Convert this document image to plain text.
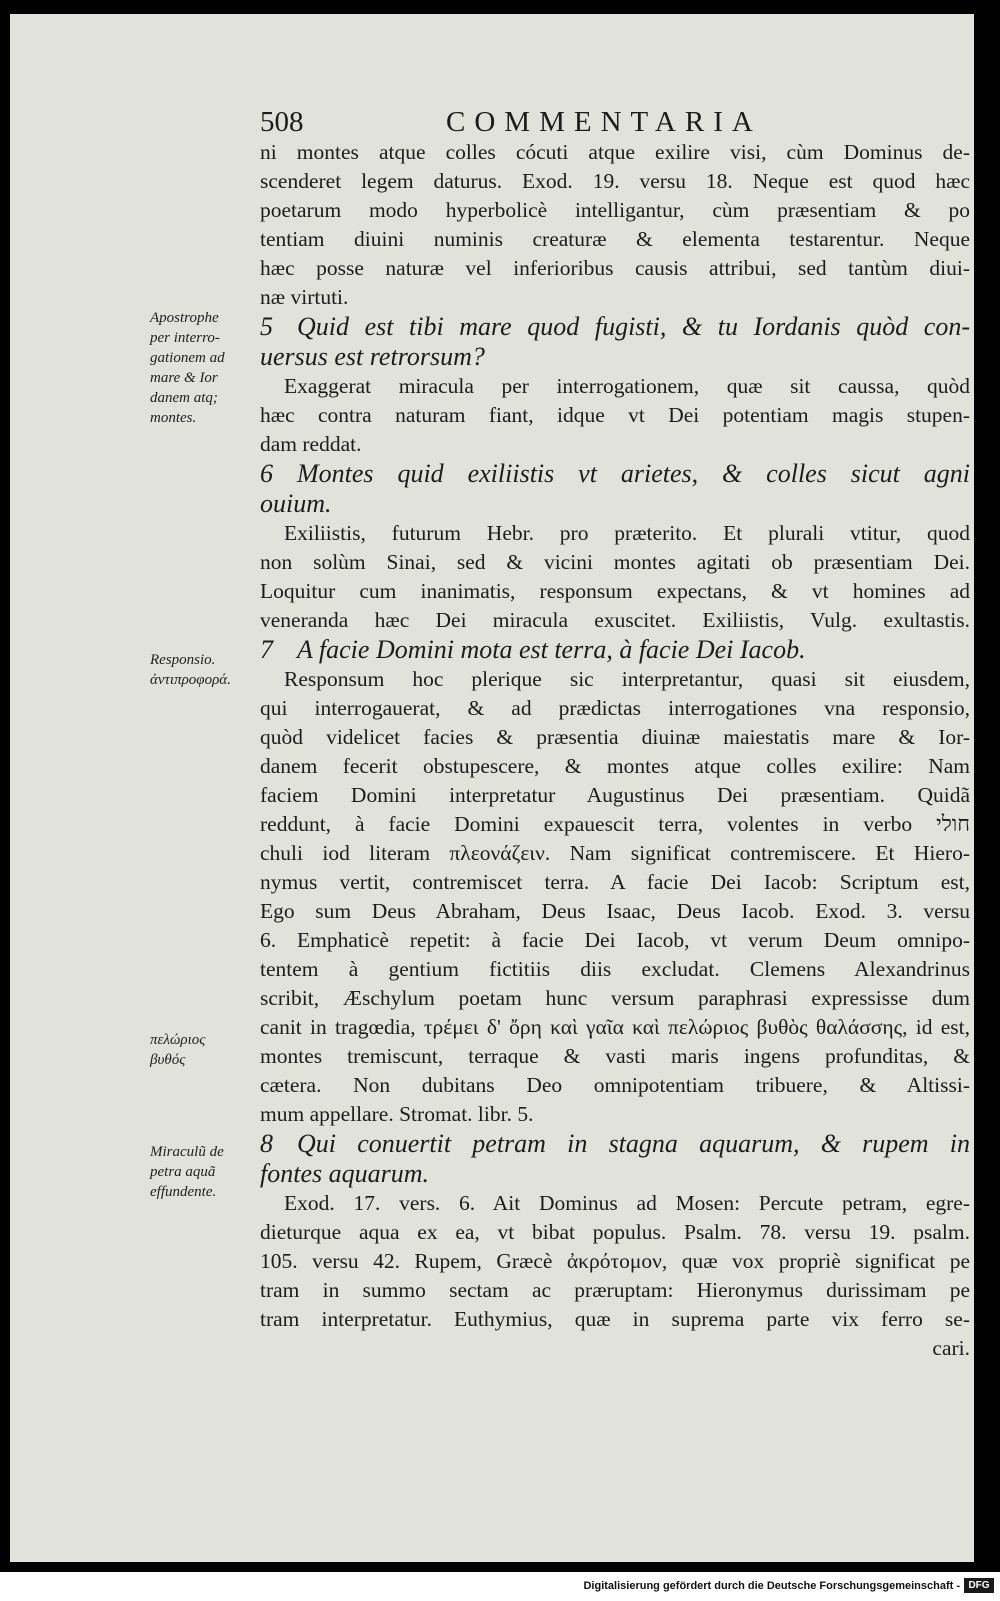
508	COMMENTARIA
Apostrophe
per interro-
gationem ad
mare & Ior
danem atq;
montes.
Responsio.
ἀντιπροφορά.
πελώριος
βυθός
Miraculũ de
petra aquã
effundente.
ni montes atque colles cócuti atque exilire visi, cùm Dominus de-
scenderet legem daturus. Exod. 19. versu 18. Neque est quod hæc
poetarum modo hyperbolicè intelligantur, cùm præsentiam & po
tentiam diuini numinis creaturæ & elementa testarentur. Neque
hæc posse naturæ vel inferioribus causis attribui, sed tantùm diui-
næ virtuti.
5 Quid est tibi mare quod fugisti, & tu Iordanis quòd con-
uersus est retrorsum?
Exaggerat miracula per interrogationem, quæ sit caussa, quòd
hæc contra naturam fiant, idque vt Dei potentiam magis stupen-
dam reddat.
6 Montes quid exiliistis vt arietes, & colles sicut agni
ouium.
Exiliistis, futurum Hebr. pro præterito. Et plurali vtitur, quod
non solùm Sinai, sed & vicini montes agitati ob præsentiam Dei.
Loquitur cum inanimatis, responsum expectans, & vt homines ad
veneranda hæc Dei miracula exuscitet. Exiliistis, Vulg. exultastis.
7 A facie Domini mota est terra, à facie Dei Iacob.
Responsum hoc plerique sic interpretantur, quasi sit eiusdem,
qui interrogauerat, & ad prædictas interrogationes vna responsio,
quòd videlicet facies & præsentia diuinæ maiestatis mare & Ior-
danem fecerit obstupescere, & montes atque colles exilire: Nam
faciem Domini interpretatur Augustinus Dei præsentiam. Quidã
reddunt, à facie Domini expauescit terra, volentes in verbo חולי
chuli iod literam πλεονάζειν. Nam significat contremiscere. Et Hiero-
nymus vertit, contremiscet terra. A facie Dei Iacob: Scriptum est,
Ego sum Deus Abraham, Deus Isaac, Deus Iacob. Exod. 3. versu
6. Emphaticè repetit: à facie Dei Iacob, vt verum Deum omnipo-
tentem à gentium fictitiis diis excludat. Clemens Alexandrinus
scribit, Æschylum poetam hunc versum paraphrasi expressisse dum
canit in tragœdia, τρέμει δ' ὄρη καὶ γαῖα καὶ πελώριος βυθὸς θαλάσσης, id est,
montes tremiscunt, terraque & vasti maris ingens profunditas, &
cætera. Non dubitans Deo omnipotentiam tribuere, & Altissi-
mum appellare. Stromat. libr. 5.
8 Qui conuertit petram in stagna aquarum, & rupem in
fontes aquarum.
Exod. 17. vers. 6. Ait Dominus ad Mosen: Percute petram, egre-
dieturque aqua ex ea, vt bibat populus. Psalm. 78. versu 19. psalm.
105. versu 42. Rupem, Græcè ἀκρότομον, quæ vox propriè significat pe
tram in summo sectam ac præruptam: Hieronymus durissimam pe
tram interpretatur. Euthymius, quæ in suprema parte vix ferro se-
cari.
Digitalisierung gefördert durch die Deutsche Forschungsgemeinschaft - DFG
